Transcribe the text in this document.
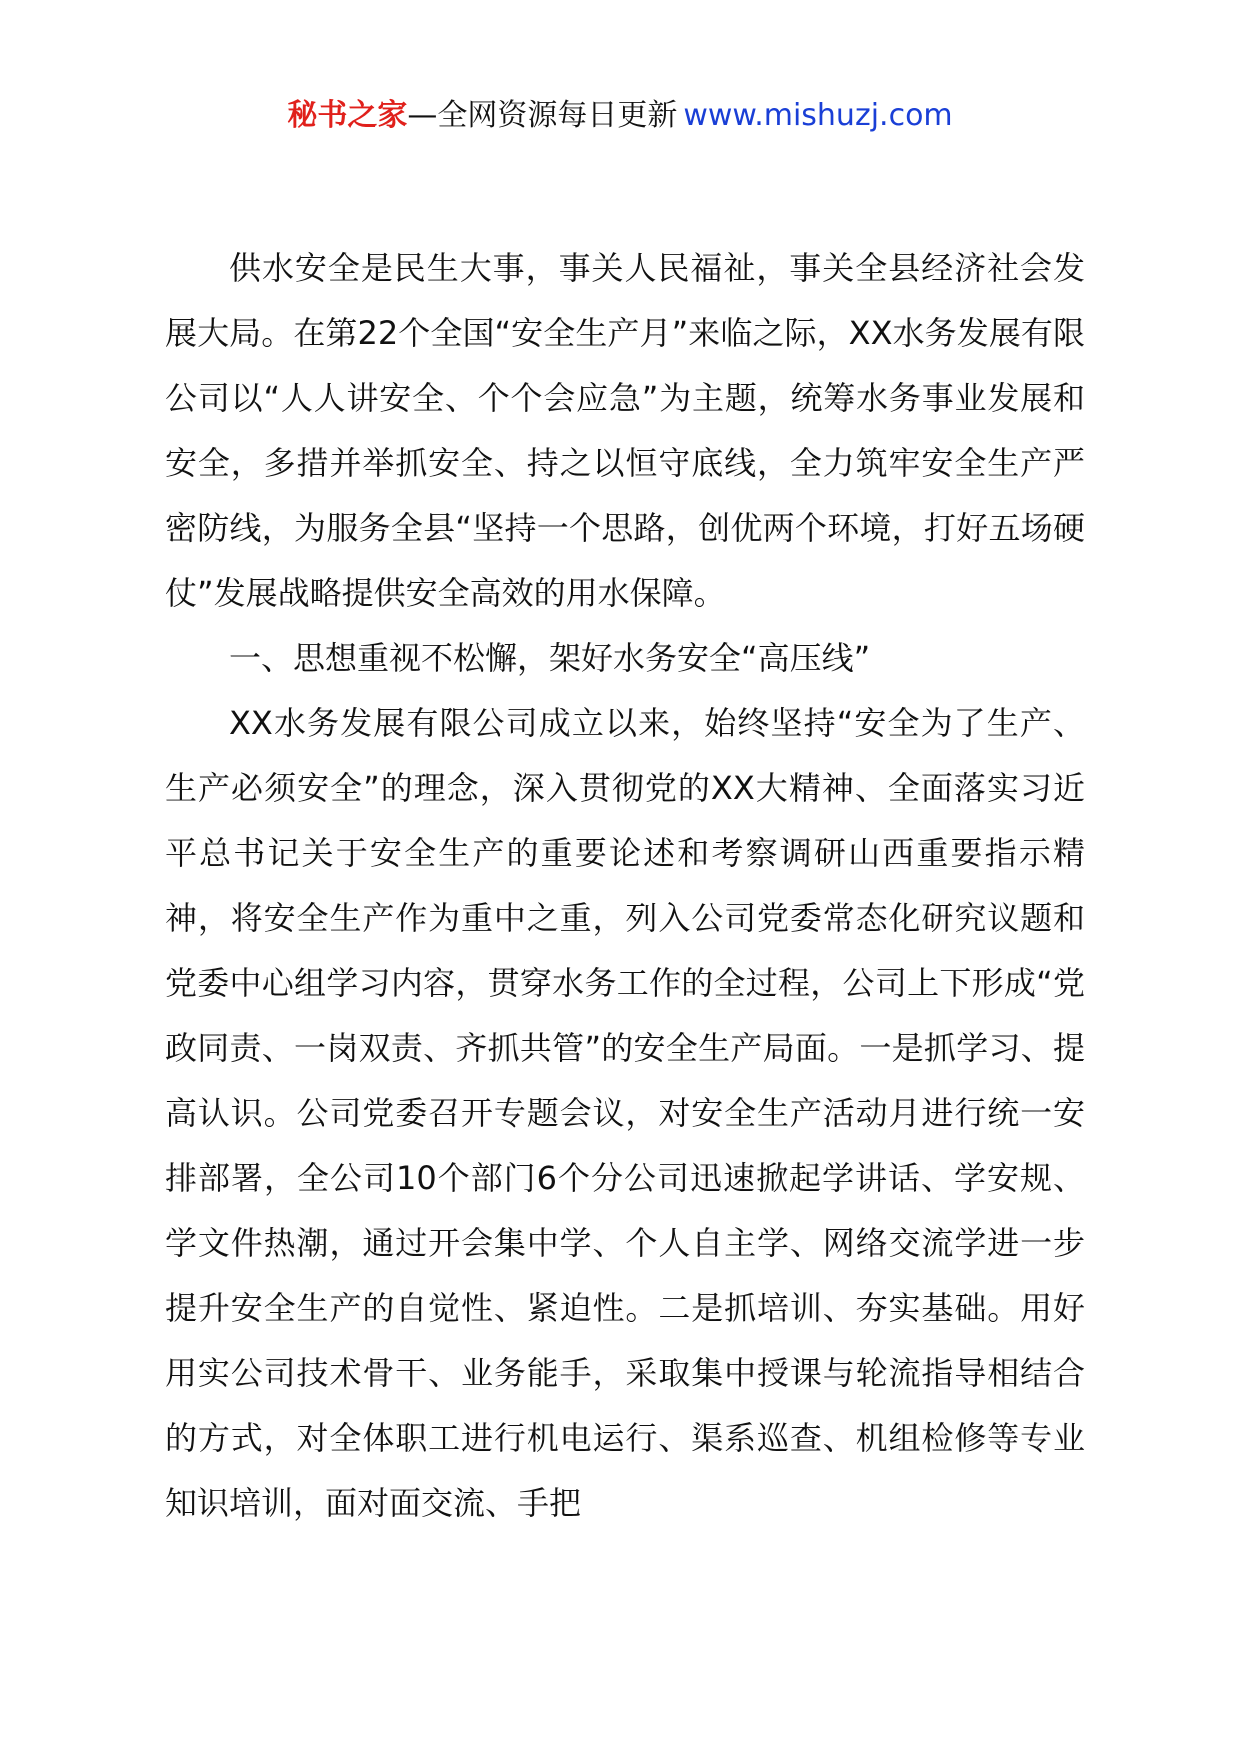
秘书之家—全网资源每日更新 www.mishuzj.com

供水安全是民生大事，事关人民福祉，事关全县经济社会发展大局。在第22个全国“安全生产月”来临之际，XX水务发展有限公司以“人人讲安全、个个会应急”为主题，统筹水务事业发展和安全，多措并举抓安全、持之以恒守底线，全力筑牢安全生产严密防线，为服务全县“坚持一个思路，创优两个环境，打好五场硬仗”发展战略提供安全高效的用水保障。

一、思想重视不松懈，架好水务安全“高压线”

XX水务发展有限公司成立以来，始终坚持“安全为了生产、生产必须安全”的理念，深入贯彻党的XX大精神、全面落实习近平总书记关于安全生产的重要论述和考察调研山西重要指示精神，将安全生产作为重中之重，列入公司党委常态化研究议题和党委中心组学习内容，贯穿水务工作的全过程，公司上下形成“党政同责、一岗双责、齐抓共管”的安全生产局面。一是抓学习、提高认识。公司党委召开专题会议，对安全生产活动月进行统一安排部署，全公司10个部门6个分公司迅速掀起学讲话、学安规、学文件热潮，通过开会集中学、个人自主学、网络交流学进一步提升安全生产的自觉性、紧迫性。二是抓培训、夯实基础。用好用实公司技术骨干、业务能手，采取集中授课与轮流指导相结合的方式，对全体职工进行机电运行、渠系巡查、机组检修等专业知识培训，面对面交流、手把
